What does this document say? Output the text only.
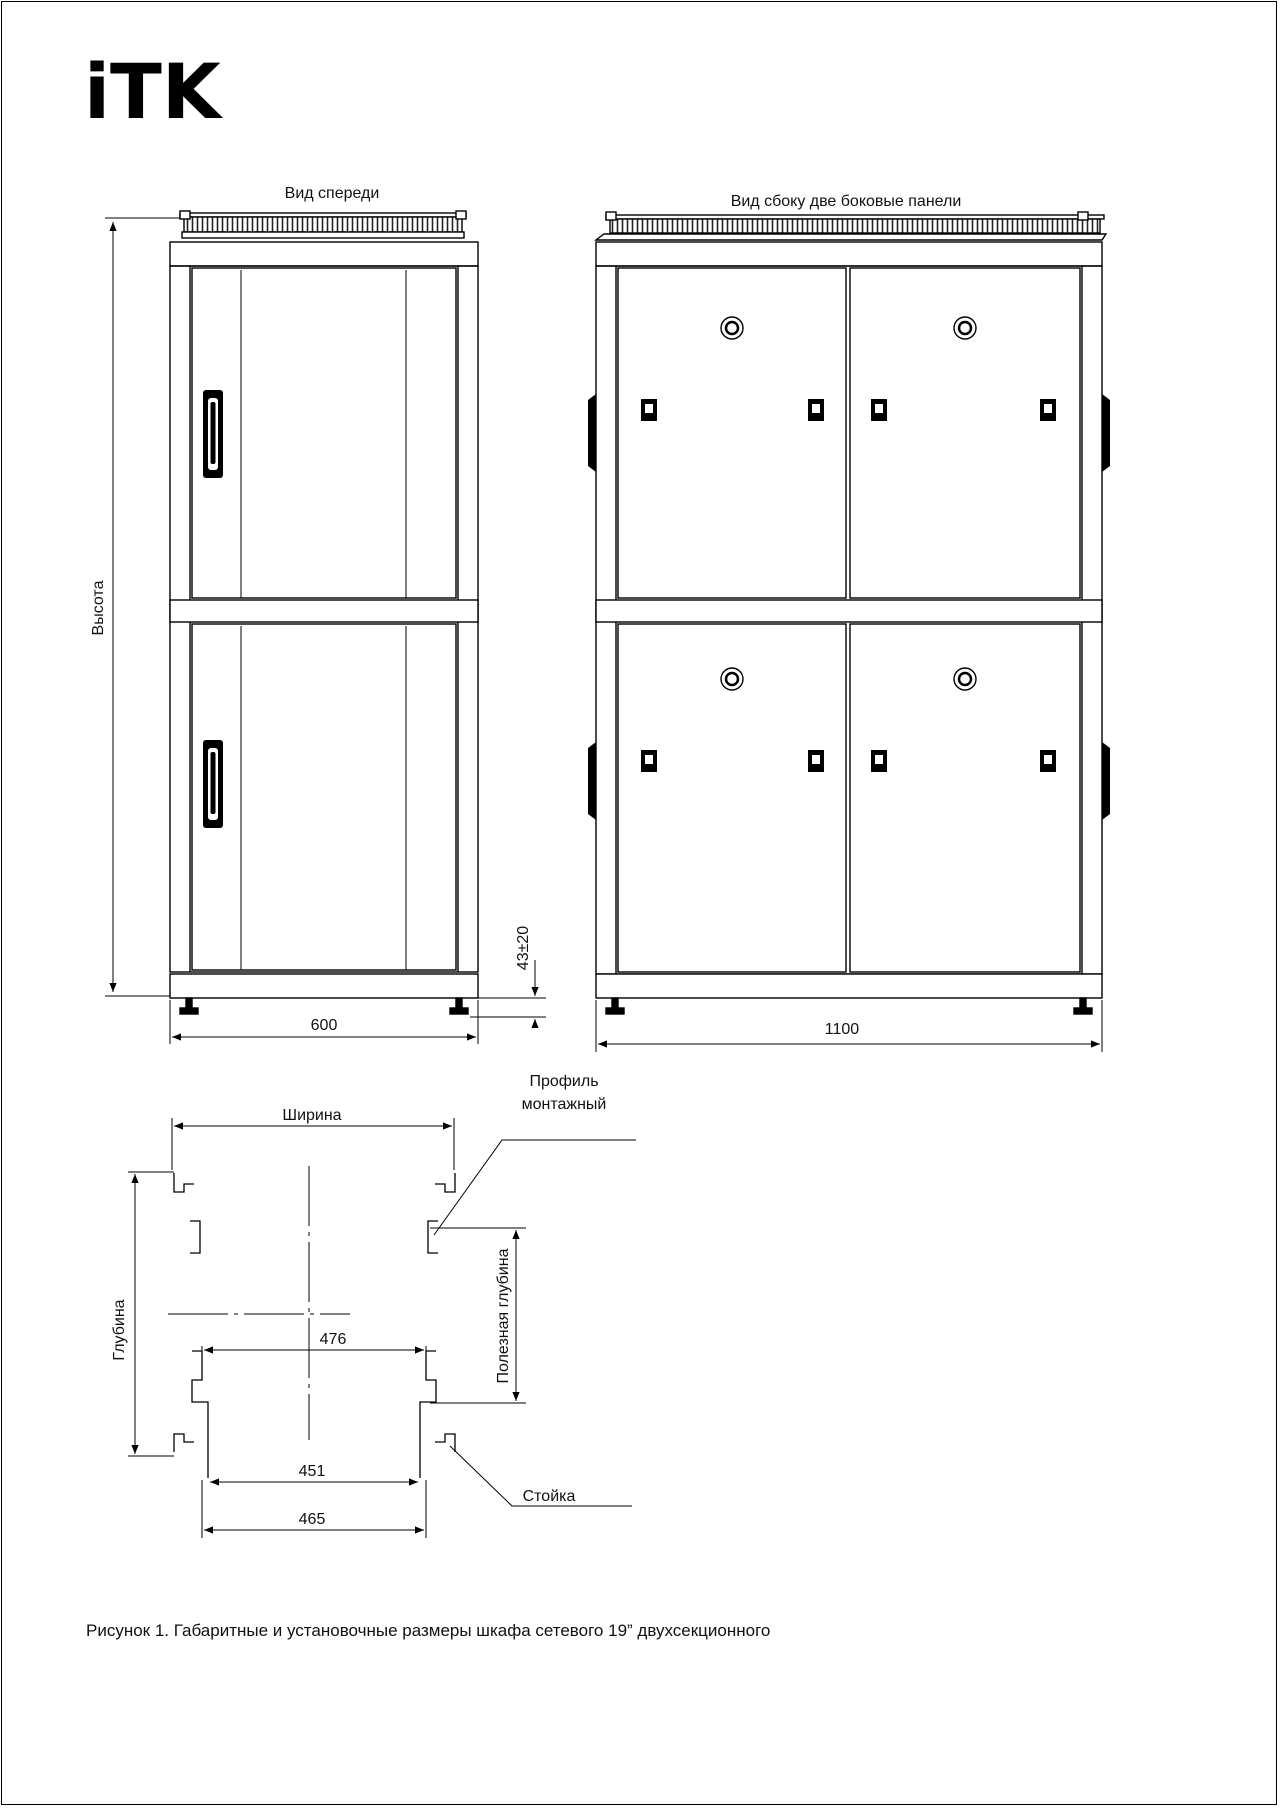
iTK
Высота
600
43±20
Вид спереди
1100
Вид сбоку две боковые панели
Ширина
Глубина	Полезная глубина
476
451
465
Профиль
монтажный
Стойка
Рисунок 1. Габаритные и установочные размеры шкафа сетевого 19” двухсекционного
